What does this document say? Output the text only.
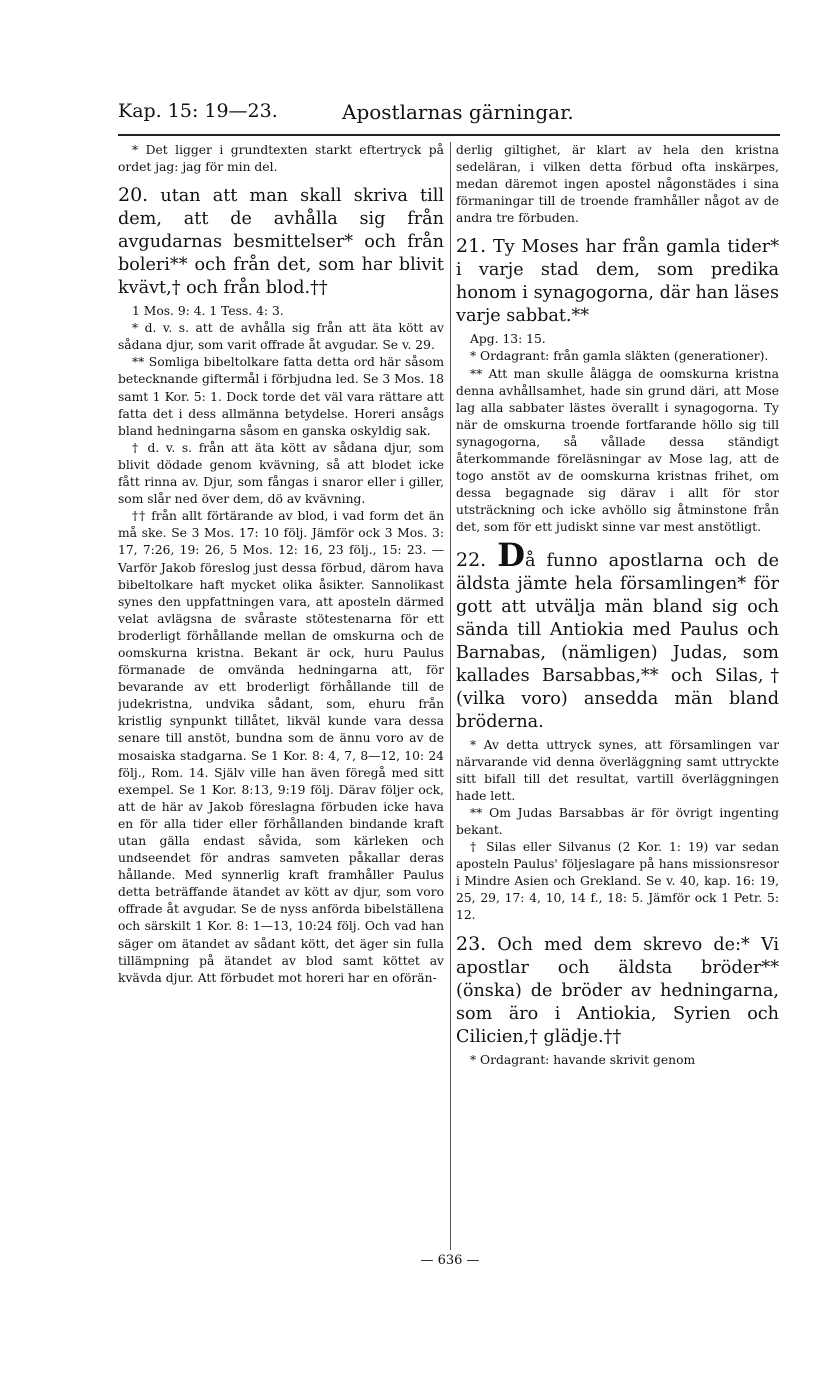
Kap. 15: 19—23.	Apostlarnas gärningar.

* Det ligger i grundtexten starkt eftertryck på ordet jag: jag för min del.

20. utan att man skall skriva till dem, att de avhålla sig från avgudarnas besmittelser* och från boleri** och från det, som har blivit kvävt,† och från blod.††

1 Mos. 9: 4. 1 Tess. 4: 3.

* d. v. s. att de avhålla sig från att äta kött av sådana djur, som varit offrade åt avgudar. Se v. 29.

** Somliga bibeltolkare fatta detta ord här såsom betecknande giftermål i förbjudna led. Se 3 Mos. 18 samt 1 Kor. 5: 1. Dock torde det väl vara rättare att fatta det i dess allmänna betydelse. Horeri ansågs bland hedningarna såsom en ganska oskyldig sak.

† d. v. s. från att äta kött av sådana djur, som blivit dödade genom kvävning, så att blodet icke fått rinna av. Djur, som fångas i snaror eller i giller, som slår ned över dem, dö av kvävning.

†† från allt förtärande av blod, i vad form det än må ske. Se 3 Mos. 17: 10 följ. Jämför ock 3 Mos. 3: 17, 7:26, 19: 26, 5 Mos. 12: 16, 23 följ., 15: 23. — Varför Jakob föreslog just dessa förbud, därom hava bibeltolkare haft mycket olika åsikter. Sannolikast synes den uppfattningen vara, att aposteln därmed velat avlägsna de svåraste stötestenarna för ett broderligt förhållande mellan de omskurna och de oomskurna kristna. Bekant är ock, huru Paulus förmanade de omvända hedningarna att, för bevarande av ett broderligt förhållande till de judekristna, undvika sådant, som, ehuru från kristlig synpunkt tillåtet, likväl kunde vara dessa senare till anstöt, bundna som de ännu voro av de mosaiska stadgarna. Se 1 Kor. 8: 4, 7, 8—12, 10: 24 följ., Rom. 14. Själv ville han även föregå med sitt exempel. Se 1 Kor. 8:13, 9:19 följ. Därav följer ock, att de här av Jakob föreslagna förbuden icke hava en för alla tider eller förhållanden bindande kraft utan gälla endast såvida, som kärleken och undseendet för andras samveten påkallar deras hållande. Med synnerlig kraft framhåller Paulus detta beträffande ätandet av kött av djur, som voro offrade åt avgudar. Se de nyss anförda bibelställena och särskilt 1 Kor. 8: 1—13, 10:24 följ. Och vad han säger om ätandet av sådant kött, det äger sin fulla tillämpning på ätandet av blod samt köttet av kvävda djur. Att förbudet mot horeri har en oförän-

derlig giltighet, är klart av hela den kristna sedeläran, i vilken detta förbud ofta inskärpes, medan däremot ingen apostel någonstädes i sina förmaningar till de troende framhåller något av de andra tre förbuden.

21. Ty Moses har från gamla tider* i varje stad dem, som predika honom i synagogorna, där han läses varje sabbat.**

Apg. 13: 15.

* Ordagrant: från gamla släkten (generationer).

** Att man skulle ålägga de oomskurna kristna denna avhållsamhet, hade sin grund däri, att Mose lag alla sabbater lästes överallt i synagogorna. Ty när de omskurna troende fortfarande höllo sig till synagogorna, så vållade dessa ständigt återkommande föreläsningar av Mose lag, att de togo anstöt av de oomskurna kristnas frihet, om dessa begagnade sig därav i allt för stor utsträckning och icke avhöllo sig åtminstone från det, som för ett judiskt sinne var mest anstötligt.

22. Då funno apostlarna och de äldsta jämte hela församlingen* för gott att utvälja män bland sig och sända till Antiokia med Paulus och Barnabas, (nämligen) Judas, som kallades Barsabbas,** och Silas,† (vilka voro) ansedda män bland bröderna.

* Av detta uttryck synes, att församlingen var närvarande vid denna överläggning samt uttryckte sitt bifall till det resultat, vartill överläggningen hade lett.

** Om Judas Barsabbas är för övrigt ingenting bekant.

† Silas eller Silvanus (2 Kor. 1: 19) var sedan aposteln Paulus' följeslagare på hans missionsresor i Mindre Asien och Grekland. Se v. 40, kap. 16: 19, 25, 29, 17: 4, 10, 14 f., 18: 5. Jämför ock 1 Petr. 5: 12.

23. Och med dem skrevo de:* Vi apostlar och äldsta bröder** (önska) de bröder av hedningarna, som äro i Antiokia, Syrien och Cilicien,† glädje.††

* Ordagrant: havande skrivit genom

— 636 —
